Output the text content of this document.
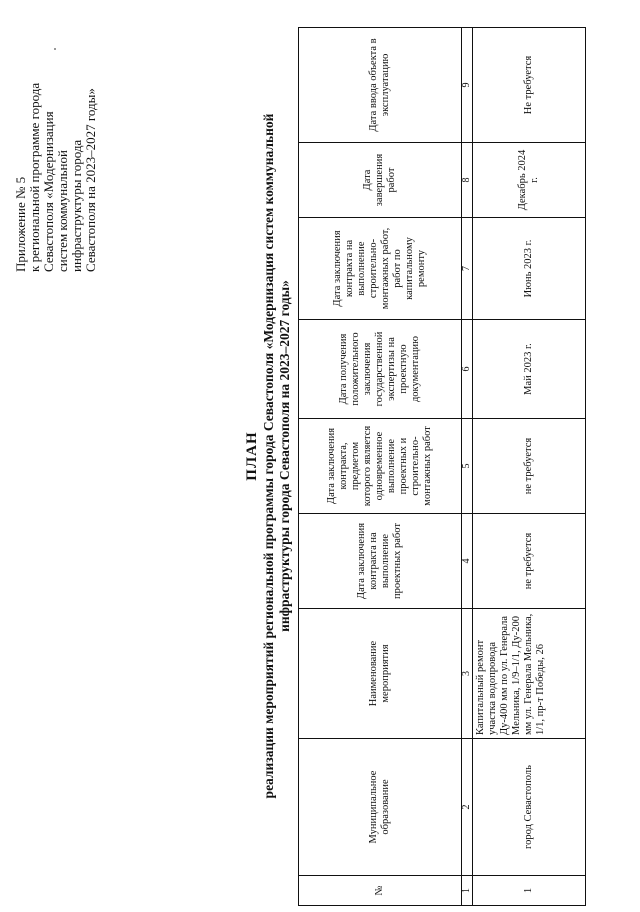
Приложение № 5 к региональной программе города Севастополя «Модернизация систем коммунальной инфраструктуры города Севастополя на 2023–2027 годы»
ПЛАН реализации мероприятий региональной программы города Севастополя «Модернизация систем коммунальной инфраструктуры города Севастополя на 2023–2027 годы»
№	Муниципальное образование	Наименование мероприятия	Дата заключения контракта на выполнение проектных работ	Дата заключения контракта, предметом которого является одновременное выполнение проектных и строительно-монтажных работ	Дата получения положительного заключения государственной экспертизы на проектную документацию	Дата заключения контракта на выполнение строительно-монтажных работ, работ по капитальному ремонту	Дата завершения работ	Дата ввода объекта в эксплуатацию
1	2	3	4	5	6	7	8	9
1	город Севастополь	Капитальный ремонт участка водопровода Ду-400 мм по ул. Генерала Мельника, 1/9–1/1, Ду-200 мм ул. Генерала Мельника, 1/1, пр-т Победы, 26	не требуется	не требуется	Май 2023 г.	Июнь 2023 г.	Декабрь 2024 г.	Не требуется
